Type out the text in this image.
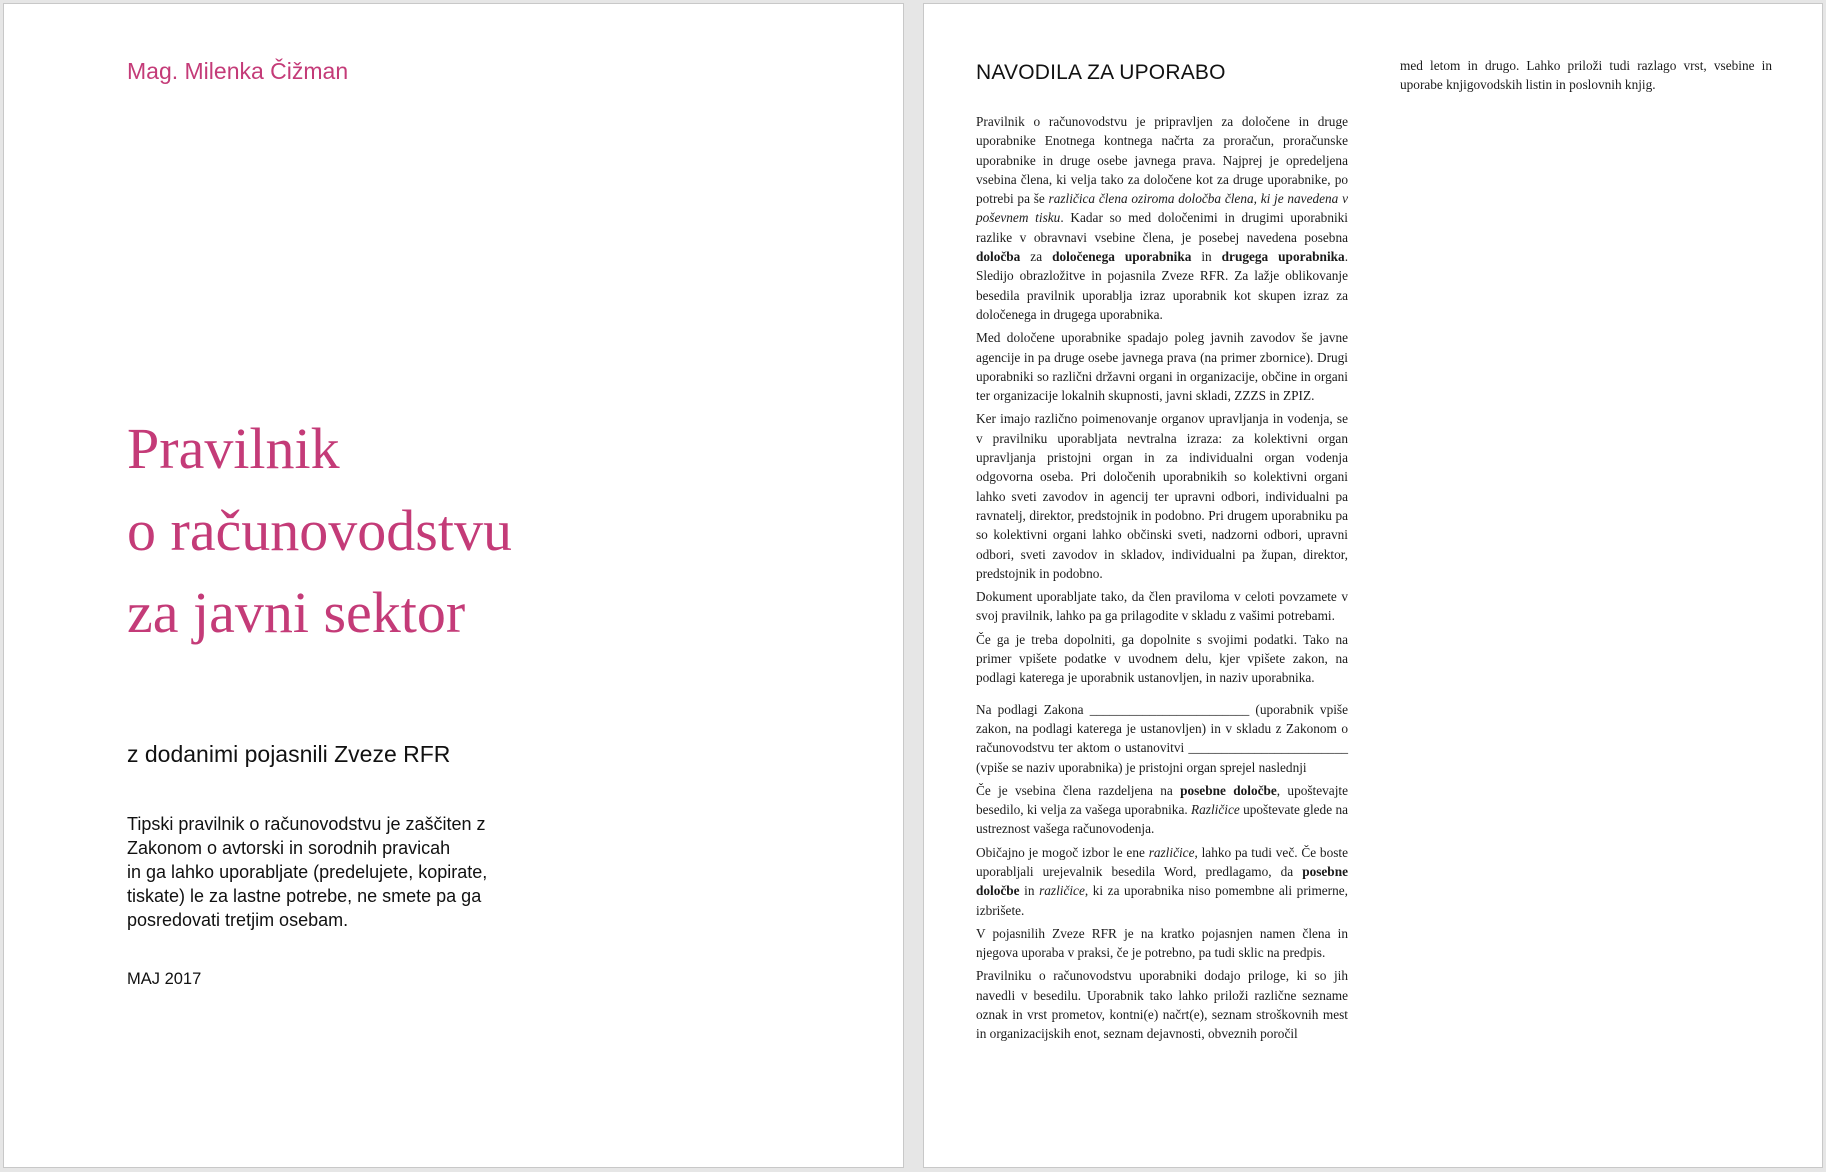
Mag. Milenka Čižman
Pravilnik
o računovodstvu
za javni sektor
z dodanimi pojasnili Zveze RFR
Tipski pravilnik o računovodstvu je zaščiten z
Zakonom o avtorski in sorodnih pravicah
in ga lahko uporabljate (predelujete, kopirate,
tiskate) le za lastne potrebe, ne smete pa ga
posredovati tretjim osebam.
MAJ 2017
NAVODILA ZA UPORABO

Pravilnik o računovodstvu je pripravljen za določene in druge uporabnike Enotnega kontnega načrta za proračun, proračunske uporabnike in druge osebe javnega prava. Najprej je opredeljena vsebina člena, ki velja tako za določene kot za druge uporabnike, po potrebi pa še različica člena oziroma določba člena, ki je navedena v poševnem tisku. Kadar so med določenimi in drugimi uporabniki razlike v obravnavi vsebine člena, je posebej navedena posebna določba za določenega uporabnika in drugega uporabnika. Sledijo obrazložitve in pojasnila Zveze RFR. Za lažje oblikovanje besedila pravilnik uporablja izraz uporabnik kot skupen izraz za določenega in drugega uporabnika.

Med določene uporabnike spadajo poleg javnih zavodov še javne agencije in pa druge osebe javnega prava (na primer zbornice). Drugi uporabniki so različni državni organi in organizacije, občine in organi ter organizacije lokalnih skupnosti, javni skladi, ZZZS in ZPIZ.

Ker imajo različno poimenovanje organov upravljanja in vodenja, se v pravilniku uporabljata nevtralna izraza: za kolektivni organ upravljanja pristojni organ in za individualni organ vodenja odgovorna oseba. Pri določenih uporabnikih so kolektivni organi lahko sveti zavodov in agencij ter upravni odbori, individualni pa ravnatelj, direktor, predstojnik in podobno. Pri drugem uporabniku pa so kolektivni organi lahko občinski sveti, nadzorni odbori, upravni odbori, sveti zavodov in skladov, individualni pa župan, direktor, predstojnik in podobno.

Dokument uporabljate tako, da člen praviloma v celoti povzamete v svoj pravilnik, lahko pa ga prilagodite v skladu z vašimi potrebami.

Če ga je treba dopolniti, ga dopolnite s svojimi podatki. Tako na primer vpišete podatke v uvodnem delu, kjer vpišete zakon, na podlagi katerega je uporabnik ustanovljen, in naziv uporabnika.

Na podlagi Zakona ________________________ (uporabnik vpiše zakon, na podlagi katerega je ustanovljen) in v skladu z Zakonom o računovodstvu ter aktom o ustanovitvi ________________________ (vpiše se naziv uporabnika) je pristojni organ sprejel naslednji

Če je vsebina člena razdeljena na posebne določbe, upoštevajte besedilo, ki velja za vašega uporabnika. Različice upoštevate glede na ustreznost vašega računovodenja.

Običajno je mogoč izbor le ene različice, lahko pa tudi več. Če boste uporabljali urejevalnik besedila Word, predlagamo, da posebne določbe in različice, ki za uporabnika niso pomembne ali primerne, izbrišete.

V pojasnilih Zveze RFR je na kratko pojasnjen namen člena in njegova uporaba v praksi, če je potrebno, pa tudi sklic na predpis.

Pravilniku o računovodstvu uporabniki dodajo priloge, ki so jih navedli v besedilu. Uporabnik tako lahko priloži različne sezname oznak in vrst prometov, kontni(e) načrt(e), seznam stroškovnih mest in organizacijskih enot, seznam dejavnosti, obveznih poročil

med letom in drugo. Lahko priloži tudi razlago vrst, vsebine in uporabe knjigovodskih listin in poslovnih knjig.
